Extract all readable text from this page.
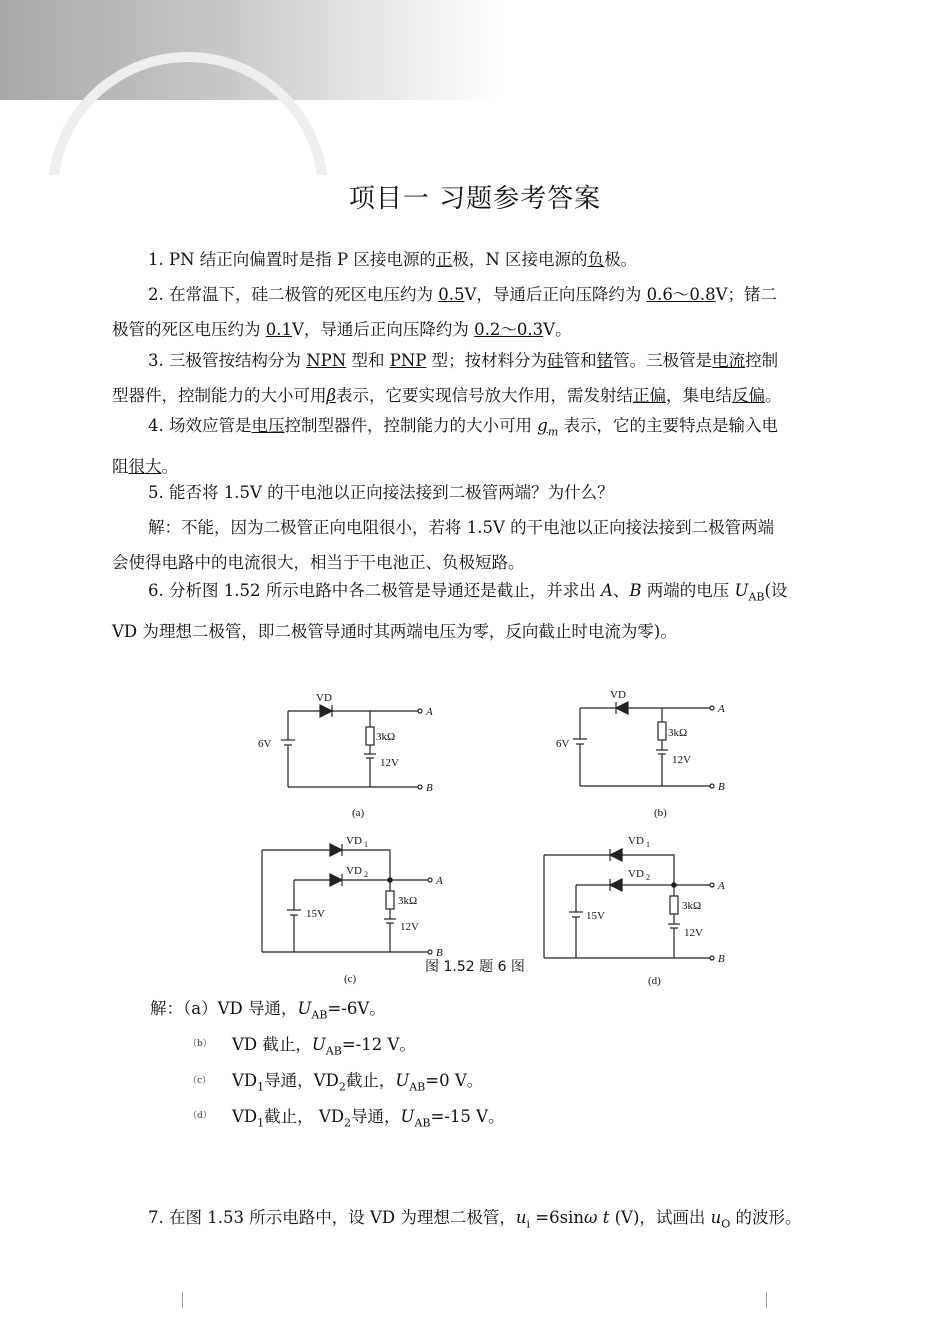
项目一 习题参考答案

1. PN 结正向偏置时是指 P 区接电源的正极，N 区接电源的负极。

2. 在常温下，硅二极管的死区电压约为 0.5V，导通后正向压降约为 0.6～0.8V；锗二
极管的死区电压约为 0.1V，导通后正向压降约为 0.2～0.3V。

3. 三极管按结构分为 NPN 型和 PNP 型；按材料分为硅管和锗管。三极管是电流控制
型器件，控制能力的大小可用β表示，它要实现信号放大作用，需发射结正偏，集电结反偏。

4. 场效应管是电压控制型器件，控制能力的大小可用 $g_m$ 表示，它的主要特点是输入电
阻很大。

5. 能否将 1.5V 的干电池以正向接法接到二极管两端？为什么？

解：不能，因为二极管正向电阻很小，若将 1.5V 的干电池以正向接法接到二极管两端
会使得电路中的电流很大，相当于干电池正、负极短路。

6. 分析图 1.52 所示电路中各二极管是导通还是截止，并求出 A、B 两端的电压 $U_{AB}$(设
VD 为理想二极管，即二极管导通时其两端电压为零，反向截止时电流为零)。

VD
3kΩ
6V
12V
A
B
(a)
VD
3kΩ
6V
12V
A
B
(b)
VD 1
VD 2
3kΩ
15V
12V
A
B
(c)
VD 1
VD 2
3kΩ
15V
12V
A
B
(d)
图 1.52 题 6 图
解：（a）VD 导通，$U_{AB}=-6V$。
（b） VD 截止，$U_{AB}=-12$ V。
（c） $VD_1$导通，$VD_2$截止，$U_{AB}=0$ V。
（d） $VD_1$截止， $VD_2$导通，$U_{AB}=-15$ V。

7. 在图 1.53 所示电路中，设 VD 为理想二极管，$u_i =6\sin\omega$ t (V)，试画出 $u_O$ 的波形。
